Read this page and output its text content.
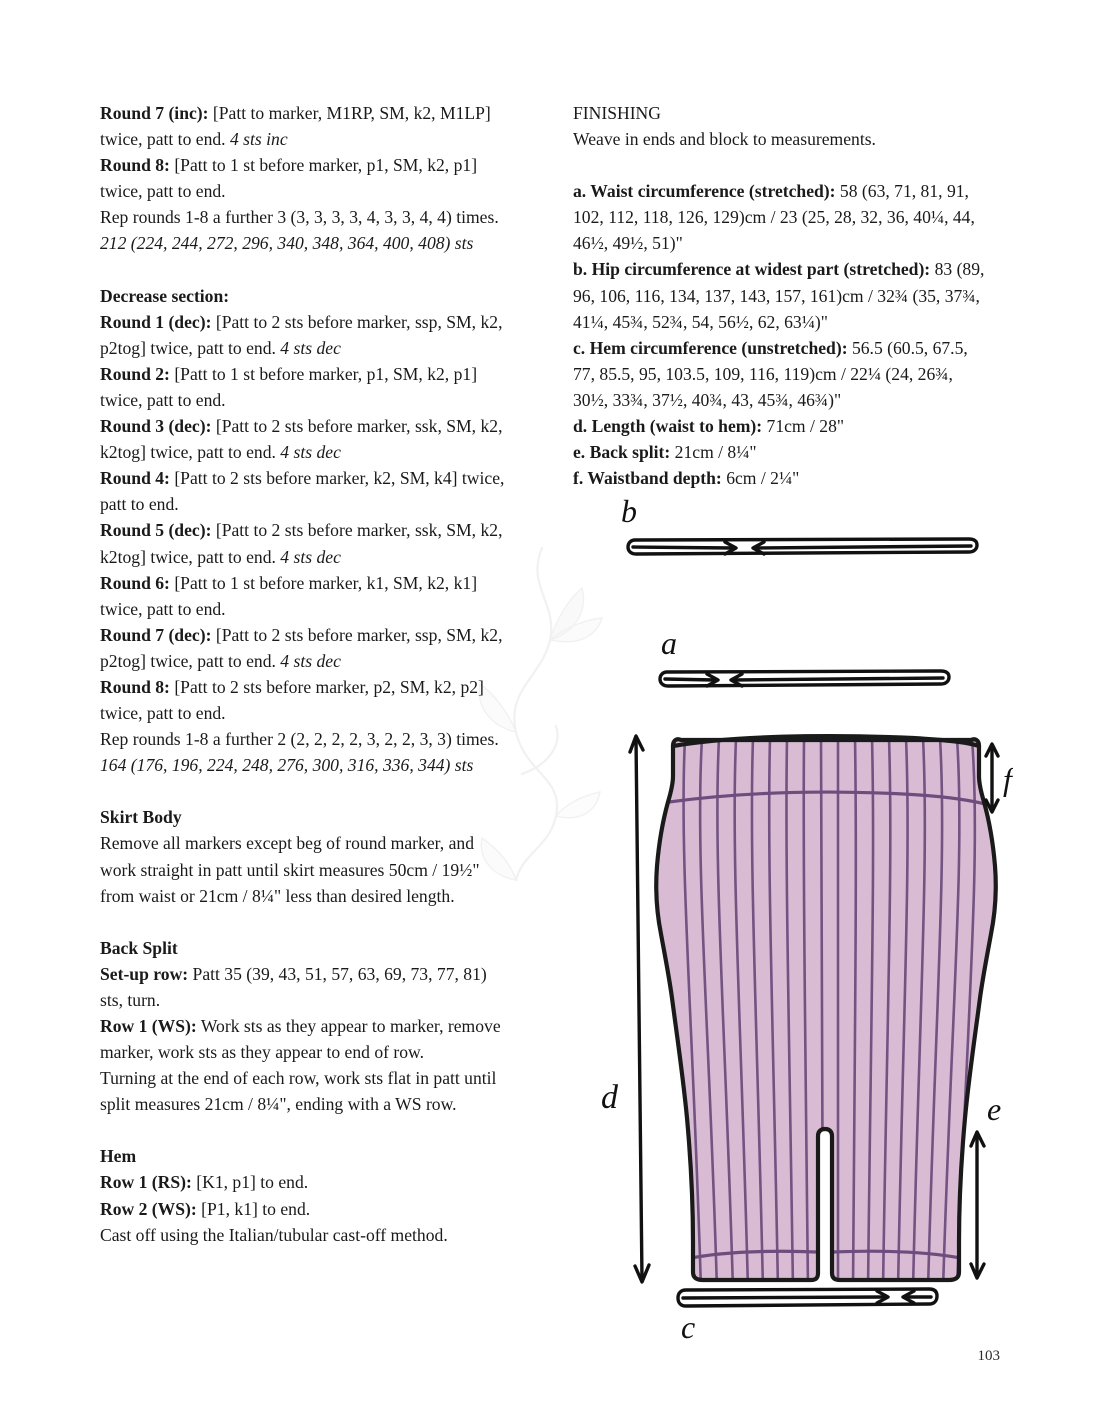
Round 7 (inc): [Patt to marker, M1RP, SM, k2, M1LP] twice, patt to end. 4 sts inc

Round 8: [Patt to 1 st before marker, p1, SM, k2, p1] twice, patt to end.

Rep rounds 1-8 a further 3 (3, 3, 3, 3, 4, 3, 3, 4, 4) times. 212 (224, 244, 272, 296, 340, 348, 364, 400, 408) sts

Decrease section:

Round 1 (dec): [Patt to 2 sts before marker, ssp, SM, k2, p2tog] twice, patt to end. 4 sts dec

Round 2: [Patt to 1 st before marker, p1, SM, k2, p1] twice, patt to end.

Round 3 (dec): [Patt to 2 sts before marker, ssk, SM, k2, k2tog] twice, patt to end. 4 sts dec

Round 4: [Patt to 2 sts before marker, k2, SM, k4] twice, patt to end.

Round 5 (dec): [Patt to 2 sts before marker, ssk, SM, k2, k2tog] twice, patt to end. 4 sts dec

Round 6: [Patt to 1 st before marker, k1, SM, k2, k1] twice, patt to end.

Round 7 (dec): [Patt to 2 sts before marker, ssp, SM, k2, p2tog] twice, patt to end. 4 sts dec

Round 8: [Patt to 2 sts before marker, p2, SM, k2, p2] twice, patt to end.

Rep rounds 1-8 a further 2 (2, 2, 2, 2, 3, 2, 2, 3, 3) times. 164 (176, 196, 224, 248, 276, 300, 316, 336, 344) sts

Skirt Body

Remove all markers except beg of round marker, and work straight in patt until skirt measures 50cm / 19½" from waist or 21cm / 8¼" less than desired length.

Back Split

Set-up row: Patt 35 (39, 43, 51, 57, 63, 69, 73, 77, 81) sts, turn.

Row 1 (WS): Work sts as they appear to marker, remove marker, work sts as they appear to end of row.

Turning at the end of each row, work sts flat in patt until split measures 21cm / 8¼", ending with a WS row.

Hem

Row 1 (RS): [K1, p1] to end.

Row 2 (WS): [P1, k1] to end.

Cast off using the Italian/tubular cast-off method.

FINISHING

Weave in ends and block to measurements.

a. Waist circumference (stretched): 58 (63, 71, 81, 91, 102, 112, 118, 126, 129)cm / 23 (25, 28, 32, 36, 40¼, 44, 46½, 49½, 51)"

b. Hip circumference at widest part (stretched): 83 (89, 96, 106, 116, 134, 137, 143, 157, 161)cm / 32¾ (35, 37¾, 41¼, 45¾, 52¾, 54, 56½, 62, 63¼)"

c. Hem circumference (unstretched): 56.5 (60.5, 67.5, 77, 85.5, 95, 103.5, 109, 116, 119)cm / 22¼ (24, 26¾, 30½, 33¾, 37½, 40¾, 43, 45¾, 46¾)"

d. Length (waist to hem): 71cm / 28"

e. Back split: 21cm / 8¼"

f. Waistband depth: 6cm / 2¼"

b
a
f
d	e
c
103
